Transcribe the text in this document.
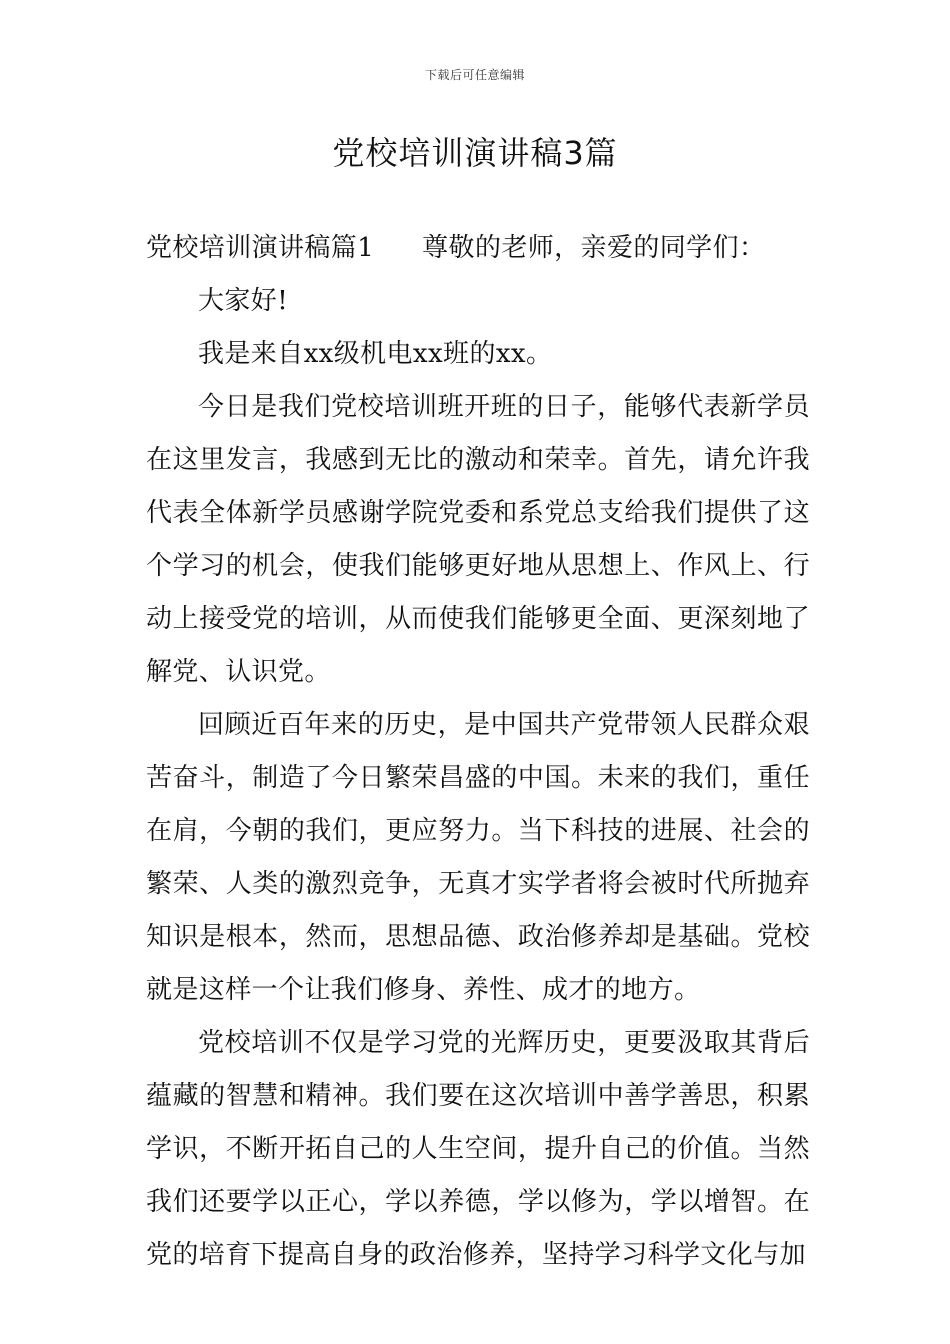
下载后可任意编辑
党校培训演讲稿3篇

党校培训演讲稿篇1 尊敬的老师，亲爱的同学们：

大家好!

我是来自xx级机电xx班的xx。

今日是我们党校培训班开班的日子，能够代表新学员在这里发言，我感到无比的激动和荣幸。首先，请允许我代表全体新学员感谢学院党委和系党总支给我们提供了这个学习的机会，使我们能够更好地从思想上、作风上、行动上接受党的培训，从而使我们能够更全面、更深刻地了解党、认识党。

回顾近百年来的历史，是中国共产党带领人民群众艰苦奋斗，制造了今日繁荣昌盛的中国。未来的我们，重任在肩，今朝的我们，更应努力。当下科技的进展、社会的繁荣、人类的激烈竞争，无真才实学者将会被时代所抛弃知识是根本，然而，思想品德、政治修养却是基础。党校就是这样一个让我们修身、养性、成才的地方。

党校培训不仅是学习党的光辉历史，更要汲取其背后蕴藏的智慧和精神。我们要在这次培训中善学善思，积累学识，不断开拓自己的人生空间，提升自己的价值。当然我们还要学以正心，学以养德，学以修为，学以增智。在党的培育下提高自身的政治修养，坚持学习科学文化与加
